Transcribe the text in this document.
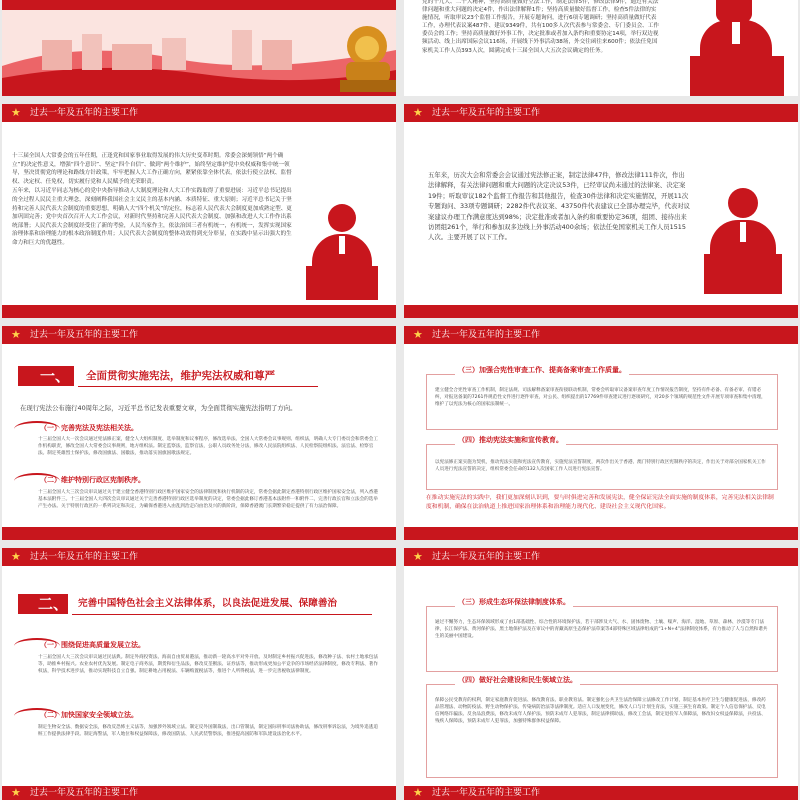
— ——— ————	党的十九大、二十大精神，坚持高质量做好立法工作，制定法律5件，修改法律9件，通过有关法律问题和重大问题的决定4件，作出法律解释1件；坚持高质量做好监督工作，检查5件法律的实施情况，听取审议23个监督工作报告，开展专题询问，进行6项专题调研；坚持高质量做好代表工作，办理代表议案487件、建议9349件，共有100多人次代表参与常委会、专门委员会、工作委员会的工作；坚持高质量做好外事工作，决定批准或者加入条约和重要协定14项，举行双边视频活动、线上出席国际会议116场，开展线下外事活动38场，外交往函往来600件；依法任免国家机关工作人员393人次，圆满完成十三届全国人大五次会议确定的任务。
★ 过去一年及五年的主要工作

十三届全国人大常委会的五年任期，正逢党和国家事业取得发展的伟大历史变革时期。常委会深刻领悟“两个确立”的决定性意义，增强“四个意识”、坚定“四个自信”、做到“两个维护”，始终坚定维护党中央权威和集中统一领导，坚决贯彻党的理论和路线方针政策，牢牢把握人大工作正确方向，紧紧依靠全体代表，依法行使立法权、监督权、决定权、任免权，切实履行党和人民赋予的光荣职责。

五年来，以习近平同志为核心的党中央指导推动人大制度理论和人大工作实践取得了重要进展：习近平总书记提出的全过程人民民主重大理念，深刻阐释我国社会主义民主的基本内涵、本质特征、重大原则；习近平总书记关于坚持和完善人民代表大会制度的重要思想，明确人大“四个机关”的定位，标志着人民代表大会制度更加成熟定型、更加巩固完善；党中央首次召开人大工作会议，对新时代坚持和完善人民代表大会制度、加强和改进人大工作作出系统部署；人民代表大会制度经受住了新的考验，人民当家作主，依法治国三者有机统一，有机统一，发挥实现国家治理体系和治理能力的根本政治制度作用；人民代表大会制度的整体功效得到充分彰显，在实践中显示出强大的生命力和巨大的优越性。

★ 过去一年及五年的主要工作
五年来，历次大会和常委会会议通过宪法修正案，制定法律47件，修改法律111件次，作出法律解释，有关法律问题和重大问题的决定决议53件，已经审议尚未通过的法律案、决定案19件；听取审议182个监督工作报告和其他报告，检查30件法律和决定实施情况，开展11次专题询问、33项专题调研；2282件代表议案、43750件代表建议已全部办理完毕，代表对议案建议办理工作满意度达到98%；决定批准或者加入条约和重要协定36项，组团、接待出来访团组261个，举行和参加双多边线上外事活动400余场；依法任免国家机关工作人员1515人次。主要开展了以下工作。
★ 过去一年及五年的主要工作
一、 全面贯彻实施宪法，维护宪法权威和尊严
在现行宪法公布施行40周年之际，习近平总书记发表重要文章，为全面贯彻实施宪法指明了方向。
（一）完善宪法及宪法相关法。
十三届全国人大一次会议通过宪法修正案，健全人大组织制度、选举制度和议事程序，修改选举法、全国人大常委会议事规则、组织法，明确人大专门委员会和常委会工作机构职责，修改全国人大常委会议事规则，地方组织法。制定监察法，监察官法，公职人员政务处分法，修改人民法院组织法、人民检察院组织法、法官法、检察官法。制定英雄烈士保护法，修改国旗法、国徽法，推动落实国旗国歌法规定。
（二）维护特别行政区宪制秩序。
十三届全国人大三次会议审议通过关于建立健全香港特别行政区维护国家安全的法律制度和执行机制的决定，常委会据此制定香港特别行政区维护国家安全法，列入香港基本法附件三。十三届全国人大四次会议审议通过关于完善香港特别行政区选举制度的决定，常委会据此修订香港基本法附件一和附件二，完善行政长官和立法会的选举产生办法。关于特别行政区的一系列决定和决定，为确保香港进入由乱到治走向由治及兴的新阶段，保障香港澳门长期繁荣稳定提供了有力法治保障。
★ 过去一年及五年的主要工作
（三）加强合宪性审查工作、提高备案审查工作质量。
建立健全合宪性审查工作机制，制定法规、司法解释备案审查衔接联动机制，常委会听取审议备案审查年度工作情况报告制度，坚持有件必备、有备必审、有错必纠，对报送备案的7261件规范性文件进行逐件审查，对公民、组织提出的17769件审查建议进行逐项研究，对20多个领域的规范性文件开展专项审查和集中清理，维护了以宪法为核心的国家法制统一。
（四）推动宪法实施和宣传教育。
以宪法修正案实施为契机，推动宪法实施和宪法宣传教育，实施宪法宣誓制度，两次作出关于香港、澳门特别行政区宪制秩序的决定，作出关于对部分国家机关工作人员进行宪法宣誓的决定，组织常委会任命的132人次国家工作人员进行宪法宣誓。
在推动实施宪法的实践中，我们更加深刻认识到，要与时俱进完善和发展宪法，健全保证宪法全面实施的制度体系，完善宪法相关法律制度和机制，确保在法治轨道上推进国家治理体系和治理能力现代化、建设社会主义现代化国家。
★ 过去一年及五年的主要工作
二、 完善中国特色社会主义法律体系，以良法促进发展、保障善治
（一）围绕促进高质量发展立法。
十三届全国人大三次会议审议通过民法典。制定外商投资法、海南自由贸易港法，推动新一轮高水平对外开放。及时制定乡村振兴促进法，修改种子法、农村土地承包法等，助推乡村振兴。农业农村优先发展。制定电子商务法，期货和衍生品法，修改反垄断法、证券法等，推动形成更加公平竞争的市场经济法律制度。修改专利法、著作权法，科学技术进步法，推动实现科技自立自强。制定耕地占用税法、车辆购置税法等，推进个人所得税法，进一步完善税收法律制度。
（二）加快国家安全领域立法。
制定生物安全法、数据安全法，修改反恐怖主义法等，加强涉外领域立法。制定反外国制裁法，出口管制法，制定国际刑事司法协助法，修改刑事诉讼法，为境外追逃追赃工作提供法律手段。制定海警法，军人地位和权益保障法，修改国防法、人民武装警察法，推进提高国防和军队建设法治化水平。
★ 过去一年及五年的主要工作
★ 过去一年及五年的主要工作
（三）形成生态环保法律制度体系。
通过不懈努力，生态环保领域形成了由1部基础性、综合性的环境保护法，若干部涉及大气、水、固体废物、土壤、噪声、海洋、湿地、草原、森林、沙漠等专门法律，长江保护法、黄河保护法、黑土地保护法及在审议中的青藏高原生态保护法草案等4部特殊区域法律组成的“1+N+4”法律制度体系，有力推动了人与自然和谐共生的美丽中国建设。
（四）做好社会建设和民生领域立法。
保障公民受教育的权利，制定家庭教育促进法、修改教育法、职业教育法。制定强化公共卫生法治保障立法修改工作计划，制定基本医疗卫生与健康促进法，修改药品管理法、动物防疫法、野生动物保护法、传染病防治法等法律制度。适应人口发展变化，修改人口与计划生育法，实施三孩生育政策。制定个人信息保护法、反电信网络诈骗法、反食品浪费法，修改未成年人保护法、预防未成年人犯罪法，制定法律援助法，修改工会法，制定退役军人保障法，修改妇女权益保障法，兵役法、残疾人保障法，预防未成年人犯罪法，加强特殊群体权益保障。
★ 过去一年及五年的主要工作
